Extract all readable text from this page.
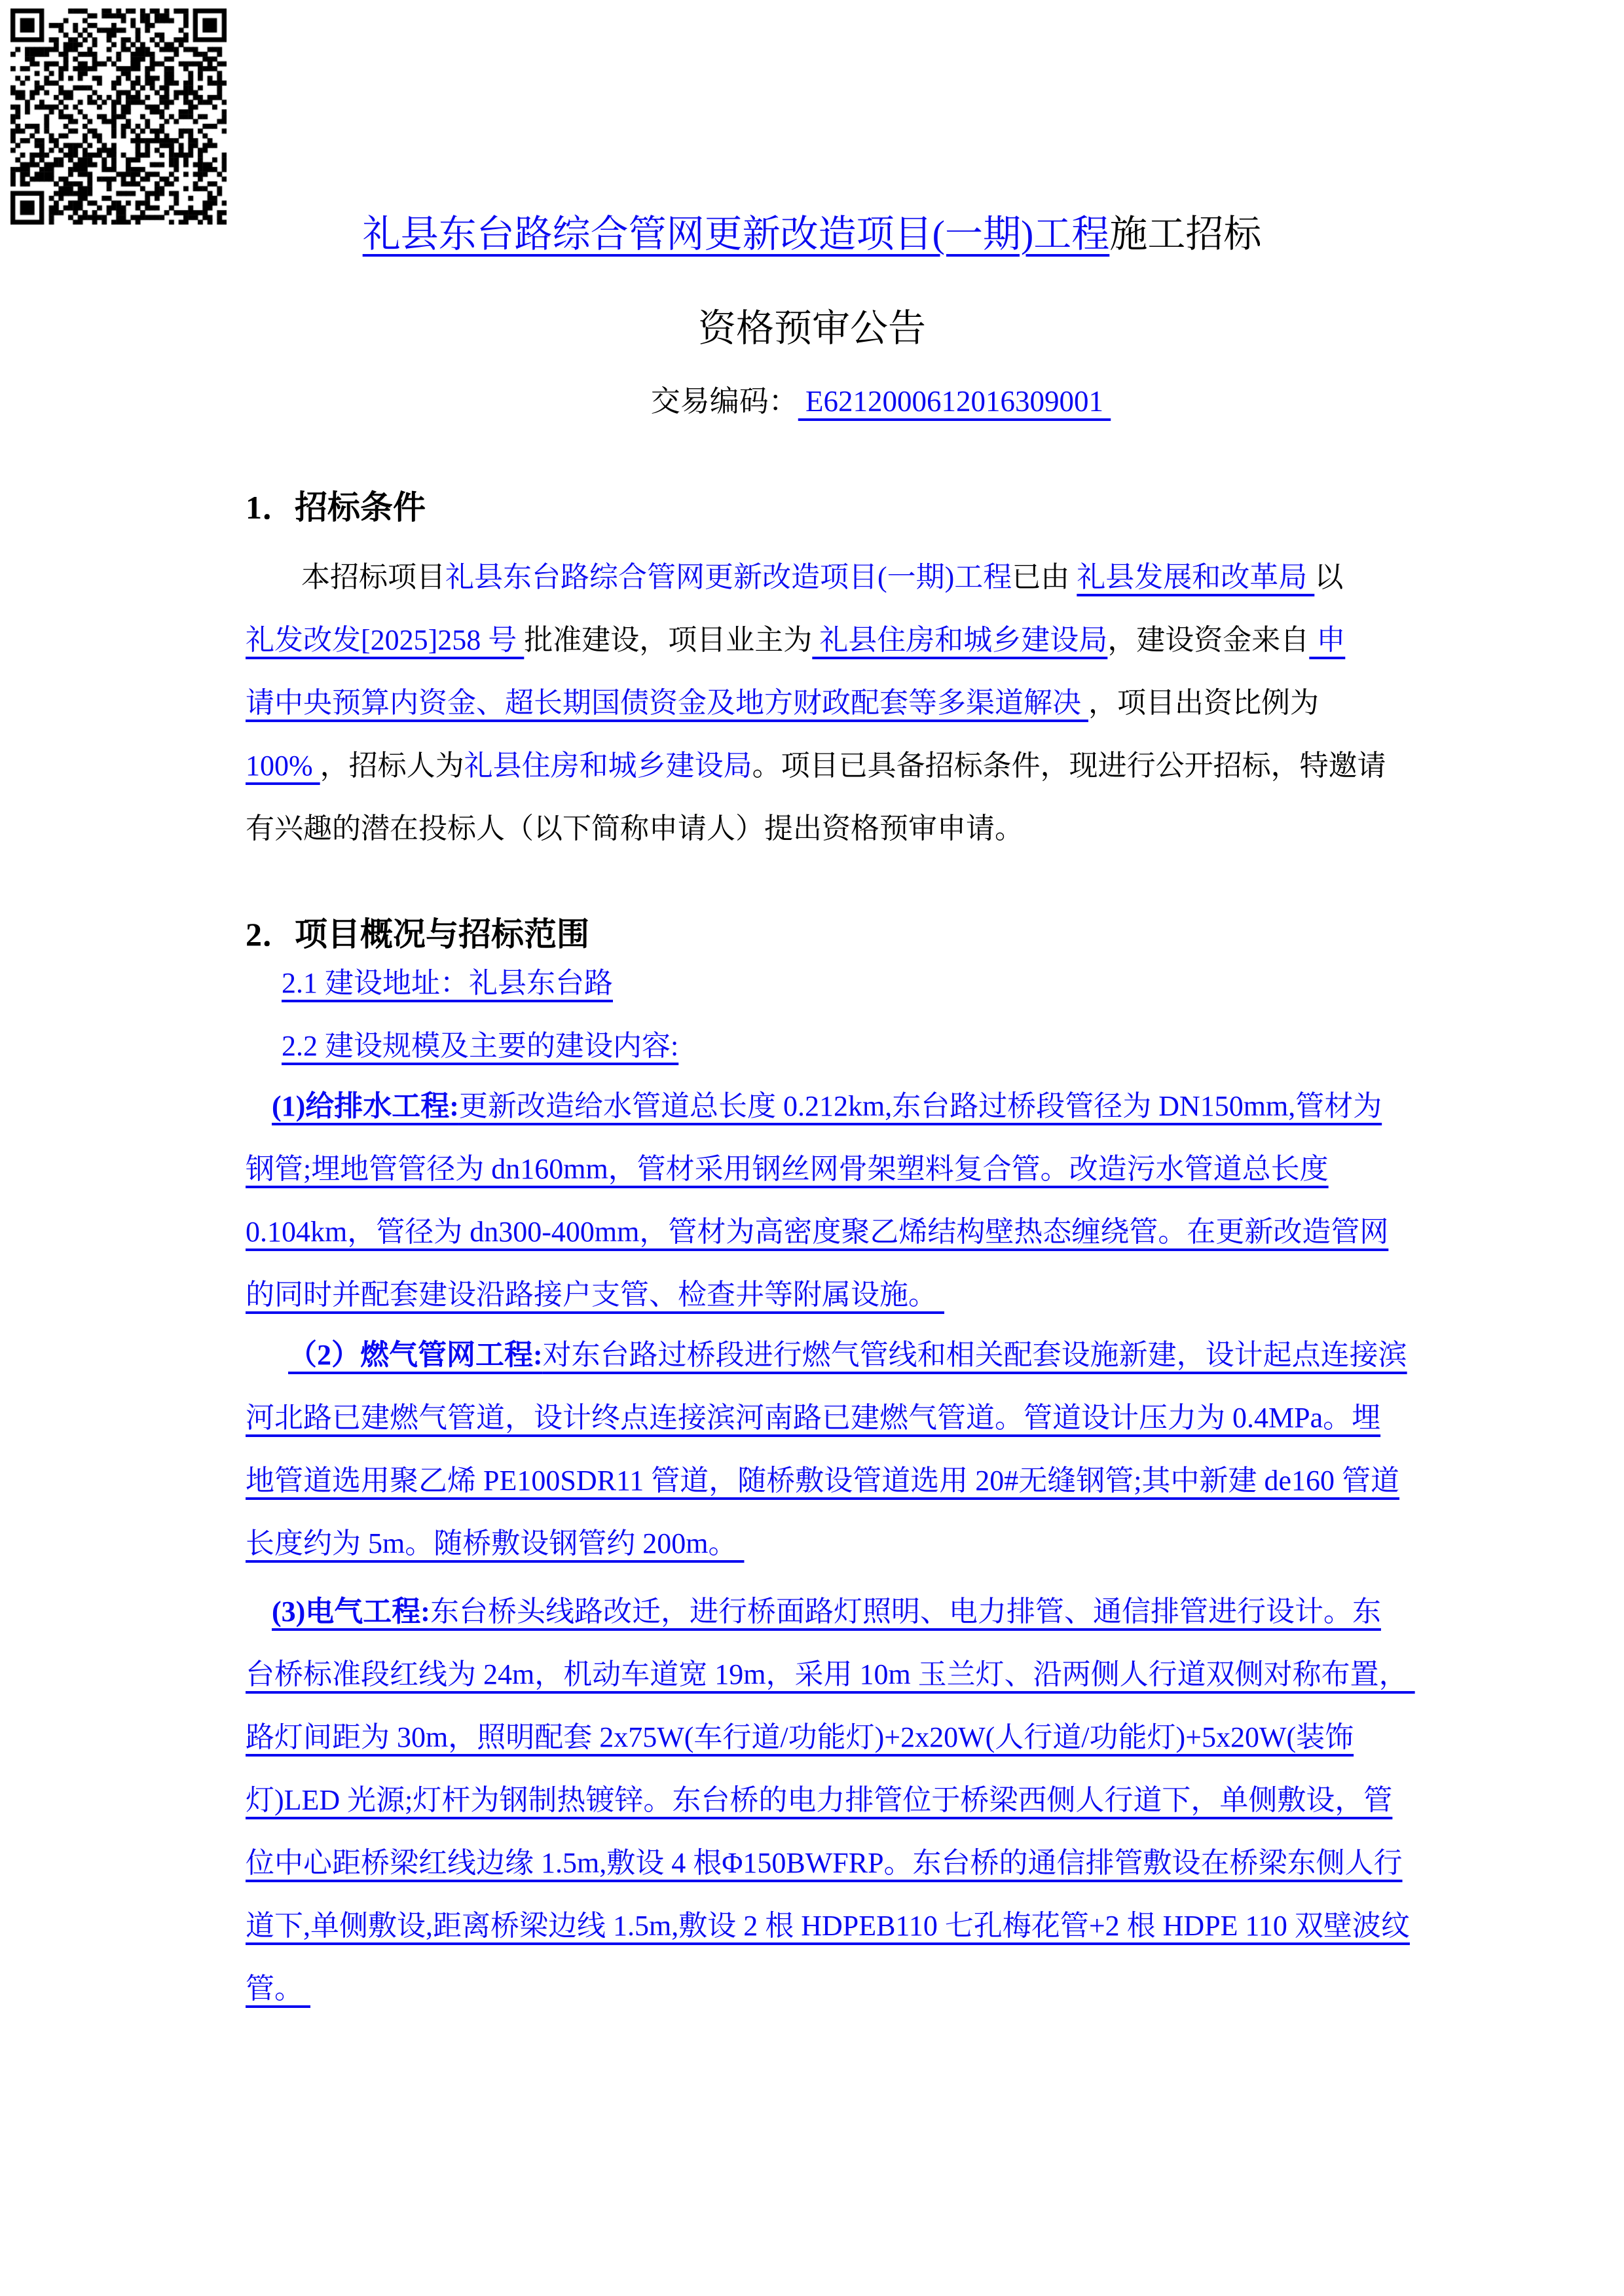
礼县东台路综合管网更新改造项目(一期)工程施工招标
资格预审公告
交易编码： E6212000612016309001
1．招标条件
本招标项目礼县东台路综合管网更新改造项目(一期)工程已由 礼县发展和改革局 以
礼发改发[2025]258 号 批准建设，项目业主为 礼县住房和城乡建设局，建设资金来自 申
请中央预算内资金、超长期国债资金及地方财政配套等多渠道解决 ，项目出资比例为
100% ，招标人为礼县住房和城乡建设局。项目已具备招标条件，现进行公开招标，特邀请
有兴趣的潜在投标人（以下简称申请人）提出资格预审申请。
2．项目概况与招标范围
2.1 建设地址：礼县东台路
2.2 建设规模及主要的建设内容:
(1)给排水工程:更新改造给水管道总长度 0.212km,东台路过桥段管径为 DN150mm,管材为
钢管;埋地管管径为 dn160mm，管材采用钢丝网骨架塑料复合管。改造污水管道总长度
0.104km，管径为 dn300-400mm，管材为高密度聚乙烯结构壁热态缠绕管。在更新改造管网
的同时并配套建设沿路接户支管、检查井等附属设施。
（2）燃气管网工程:对东台路过桥段进行燃气管线和相关配套设施新建，设计起点连接滨
河北路已建燃气管道，设计终点连接滨河南路已建燃气管道。管道设计压力为 0.4MPa。埋
地管道选用聚乙烯 PE100SDR11 管道，随桥敷设管道选用 20#无缝钢管;其中新建 de160 管道
长度约为 5m。随桥敷设钢管约 200m。
(3)电气工程:东台桥头线路改迁，进行桥面路灯照明、电力排管、通信排管进行设计。东
台桥标准段红线为 24m，机动车道宽 19m，采用 10m 玉兰灯、沿两侧人行道双侧对称布置，
路灯间距为 30m，照明配套 2x75W(车行道/功能灯)+2x20W(人行道/功能灯)+5x20W(装饰
灯)LED 光源;灯杆为钢制热镀锌。东台桥的电力排管位于桥梁西侧人行道下，单侧敷设，管
位中心距桥梁红线边缘 1.5m,敷设 4 根Φ150BWFRP。东台桥的通信排管敷设在桥梁东侧人行
道下,单侧敷设,距离桥梁边线 1.5m,敷设 2 根 HDPEB110 七孔梅花管+2 根 HDPE 110 双壁波纹
管。
